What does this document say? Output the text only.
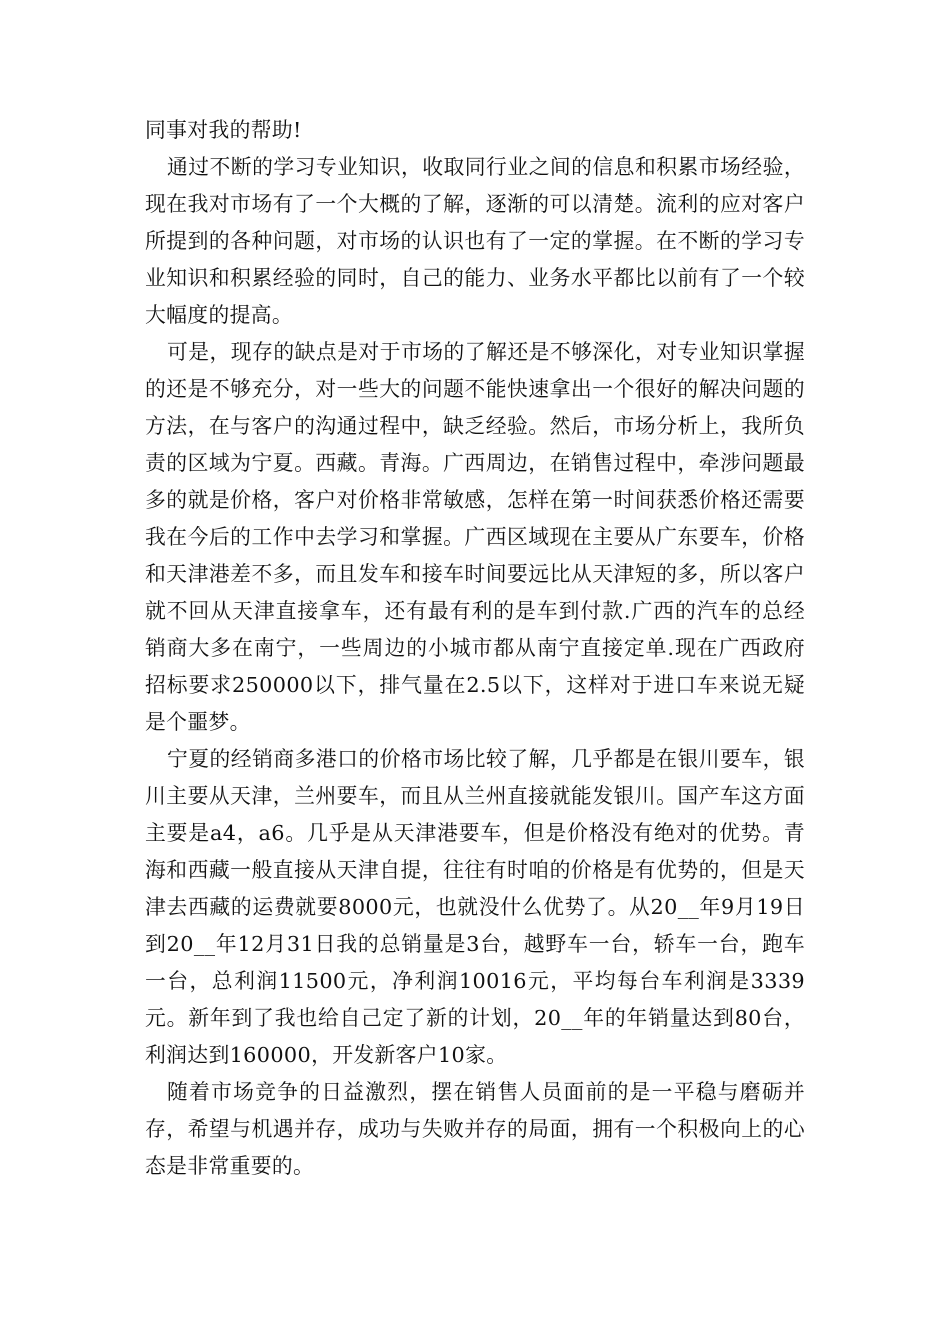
同事对我的帮助!

通过不断的学习专业知识，收取同行业之间的信息和积累市场经验，现在我对市场有了一个大概的了解，逐渐的可以清楚。流利的应对客户所提到的各种问题，对市场的认识也有了一定的掌握。在不断的学习专业知识和积累经验的同时，自己的能力、业务水平都比以前有了一个较大幅度的提高。

可是，现存的缺点是对于市场的了解还是不够深化，对专业知识掌握的还是不够充分，对一些大的问题不能快速拿出一个很好的解决问题的方法，在与客户的沟通过程中，缺乏经验。然后，市场分析上，我所负责的区域为宁夏。西藏。青海。广西周边，在销售过程中，牵涉问题最多的就是价格，客户对价格非常敏感，怎样在第一时间获悉价格还需要我在今后的工作中去学习和掌握。广西区域现在主要从广东要车，价格和天津港差不多，而且发车和接车时间要远比从天津短的多，所以客户就不回从天津直接拿车，还有最有利的是车到付款.广西的汽车的总经销商大多在南宁，一些周边的小城市都从南宁直接定单.现在广西政府招标要求250000以下，排气量在2.5以下，这样对于进口车来说无疑是个噩梦。

宁夏的经销商多港口的价格市场比较了解，几乎都是在银川要车，银川主要从天津，兰州要车，而且从兰州直接就能发银川。国产车这方面主要是a4，a6。几乎是从天津港要车，但是价格没有绝对的优势。青海和西藏一般直接从天津自提，往往有时咱的价格是有优势的，但是天津去西藏的运费就要8000元，也就没什么优势了。从20__年9月19日到20__年12月31日我的总销量是3台，越野车一台，轿车一台，跑车一台，总利润11500元，净利润10016元，平均每台车利润是3339元。新年到了我也给自己定了新的计划，20__年的年销量达到80台，利润达到160000，开发新客户10家。

随着市场竞争的日益激烈，摆在销售人员面前的是一平稳与磨砺并存，希望与机遇并存，成功与失败并存的局面，拥有一个积极向上的心态是非常重要的。
